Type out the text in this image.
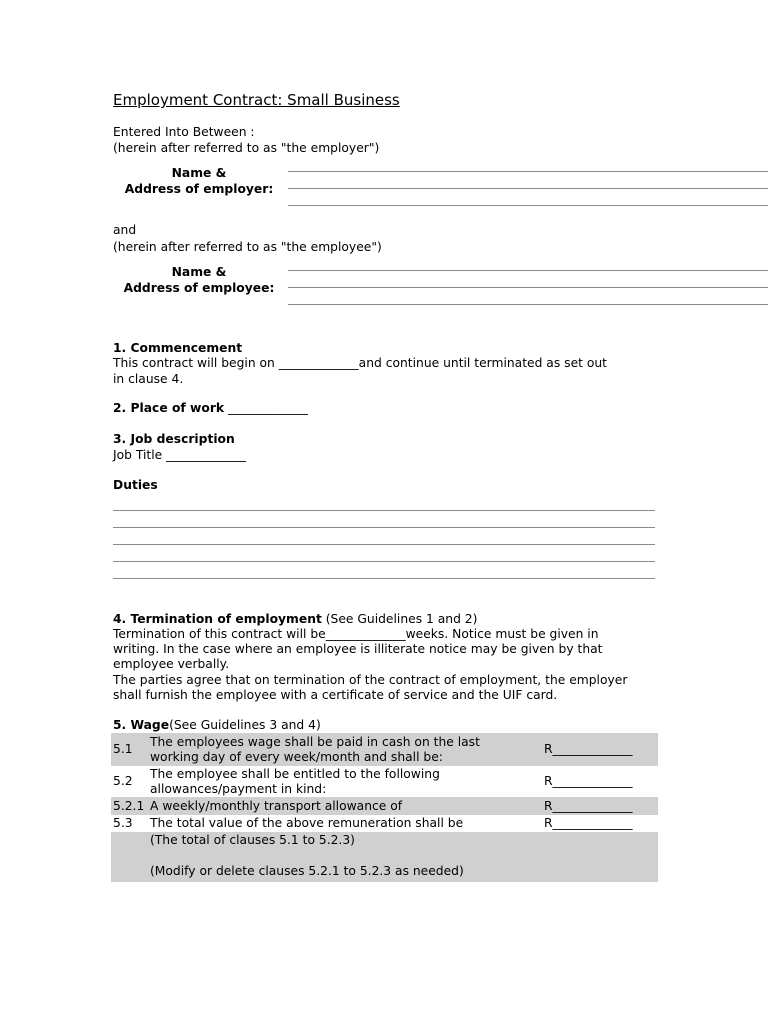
Employment Contract: Small Business
Entered Into Between :
(herein after referred to as "the employer")
Name &
Address of employer:
and
(herein after referred to as "the employee")
Name &
Address of employee:
1. Commencement
This contract will begin on _____________and continue until terminated as set out
in clause 4.
2. Place of work _____________
3. Job description
Job Title _____________
Duties
4. Termination of employment (See Guidelines 1 and 2)
Termination of this contract will be_____________weeks. Notice must be given in
writing. In the case where an employee is illiterate notice may be given by that
employee verbally.
The parties agree that on termination of the contract of employment, the employer
shall furnish the employee with a certificate of service and the UIF card.
5. Wage(See Guidelines 3 and 4)
5.1	The employees wage shall be paid in cash on the last
working day of every week/month and shall be:	R_____________
5.2	The employee shall be entitled to the following
allowances/payment in kind:	R_____________
5.2.1	A weekly/monthly transport allowance of	R_____________
5.3	The total value of the above remuneration shall be	R_____________

	(The total of clauses 5.1 to 5.2.3)
(Modify or delete clauses 5.2.1 to 5.2.3 as needed)	
